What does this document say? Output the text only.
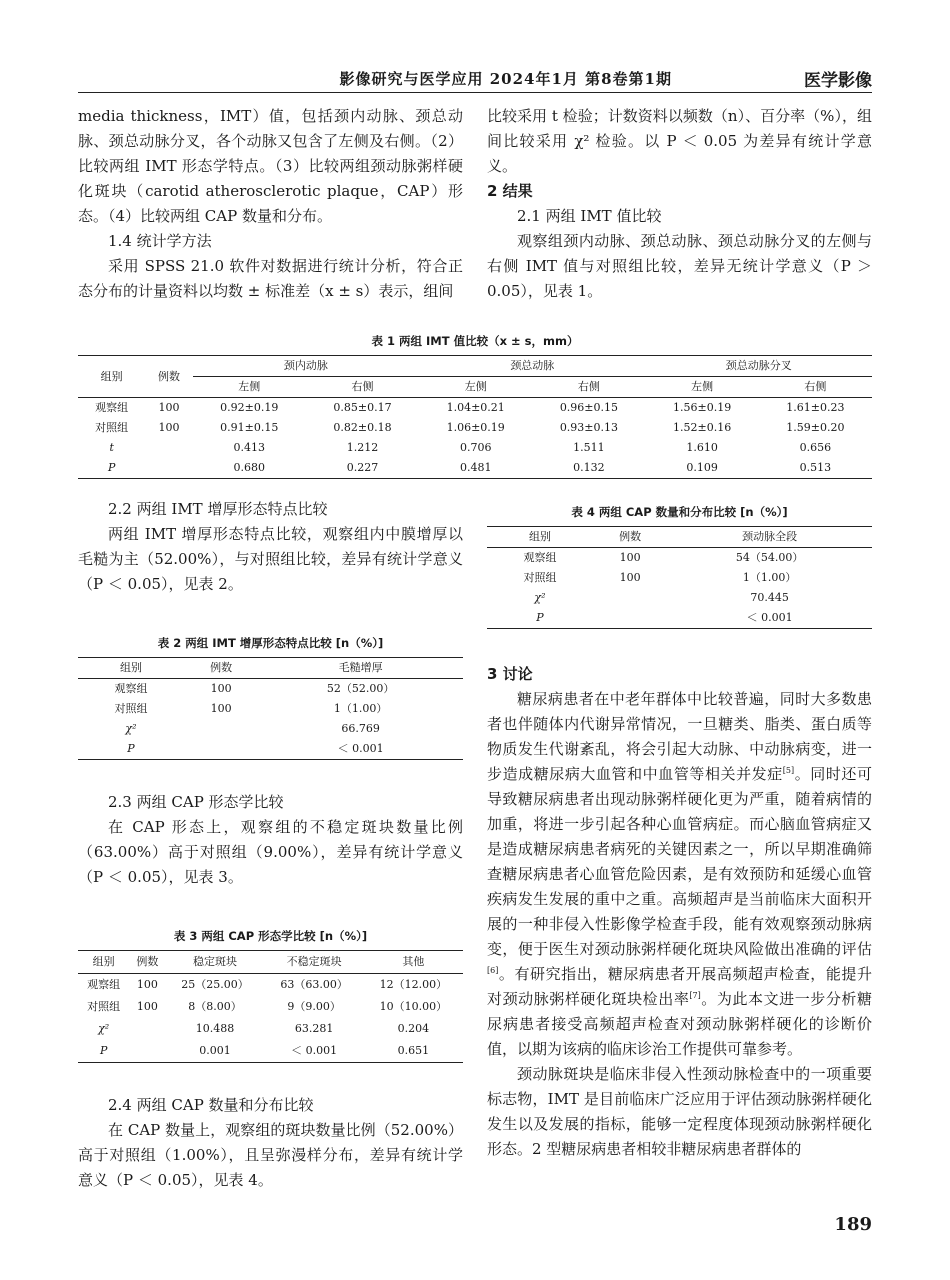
影像研究与医学应用 2024年1月 第8卷第1期	医学影像

media thickness，IMT）值，包括颈内动脉、颈总动脉、颈总动脉分叉，各个动脉又包含了左侧及右侧。（2）比较两组 IMT 形态学特点。（3）比较两组颈动脉粥样硬化斑块（carotid atherosclerotic plaque，CAP）形态。（4）比较两组 CAP 数量和分布。

1.4 统计学方法

采用 SPSS 21.0 软件对数据进行统计分析，符合正态分布的计量资料以均数 ± 标准差（x ± s）表示，组间

比较采用 t 检验；计数资料以频数（n）、百分率（%），组间比较采用 χ² 检验。以 P ＜ 0.05 为差异有统计学意义。

2 结果

2.1 两组 IMT 值比较

观察组颈内动脉、颈总动脉、颈总动脉分叉的左侧与右侧 IMT 值与对照组比较，差异无统计学意义（P ＞ 0.05），见表 1。

表 1 两组 IMT 值比较（x ± s，mm）

组别	例数	颈内动脉		颈总动脉		颈总动脉分叉	
		左侧	右侧	左侧	右侧	左侧	右侧
观察组	100	0.92±0.19	0.85±0.17	1.04±0.21	0.96±0.15	1.56±0.19	1.61±0.23
对照组	100	0.91±0.15	0.82±0.18	1.06±0.19	0.93±0.13	1.52±0.16	1.59±0.20
t		0.413	1.212	0.706	1.511	1.610	0.656
P		0.680	0.227	0.481	0.132	0.109	0.513

2.2 两组 IMT 增厚形态特点比较

两组 IMT 增厚形态特点比较，观察组内中膜增厚以毛糙为主（52.00%），与对照组比较，差异有统计学意义（P ＜ 0.05），见表 2。

表 2 两组 IMT 增厚形态特点比较 [n（%）]

组别	例数	毛糙增厚
观察组	100	52（52.00）
对照组	100	1（1.00）
χ²		66.769
P		＜ 0.001

2.3 两组 CAP 形态学比较

在 CAP 形态上，观察组的不稳定斑块数量比例（63.00%）高于对照组（9.00%），差异有统计学意义（P ＜ 0.05），见表 3。

表 3 两组 CAP 形态学比较 [n（%）]

组别	例数	稳定斑块	不稳定斑块	其他
观察组	100	25（25.00）	63（63.00）	12（12.00）
对照组	100	8（8.00）	9（9.00）	10（10.00）
χ²		10.488	63.281	0.204
P		0.001	＜ 0.001	0.651

2.4 两组 CAP 数量和分布比较

在 CAP 数量上，观察组的斑块数量比例（52.00%）高于对照组（1.00%），且呈弥漫样分布，差异有统计学意义（P ＜ 0.05），见表 4。

表 4 两组 CAP 数量和分布比较 [n（%）]

组别	例数	颈动脉全段
观察组	100	54（54.00）
对照组	100	1（1.00）
χ²		70.445
P		＜ 0.001

3 讨论

糖尿病患者在中老年群体中比较普遍，同时大多数患者也伴随体内代谢异常情况，一旦糖类、脂类、蛋白质等物质发生代谢紊乱，将会引起大动脉、中动脉病变，进一步造成糖尿病大血管和中血管等相关并发症[5]。同时还可导致糖尿病患者出现动脉粥样硬化更为严重，随着病情的加重，将进一步引起各种心血管病症。而心脑血管病症又是造成糖尿病患者病死的关键因素之一，所以早期准确筛查糖尿病患者心血管危险因素，是有效预防和延缓心血管疾病发生发展的重中之重。高频超声是当前临床大面积开展的一种非侵入性影像学检查手段，能有效观察颈动脉病变，便于医生对颈动脉粥样硬化斑块风险做出准确的评估[6]。有研究指出，糖尿病患者开展高频超声检查，能提升对颈动脉粥样硬化斑块检出率[7]。为此本文进一步分析糖尿病患者接受高频超声检查对颈动脉粥样硬化的诊断价值，以期为该病的临床诊治工作提供可靠参考。

颈动脉斑块是临床非侵入性颈动脉检查中的一项重要标志物，IMT 是目前临床广泛应用于评估颈动脉粥样硬化发生以及发展的指标，能够一定程度体现颈动脉粥样硬化形态。2 型糖尿病患者相较非糖尿病患者群体的

189
